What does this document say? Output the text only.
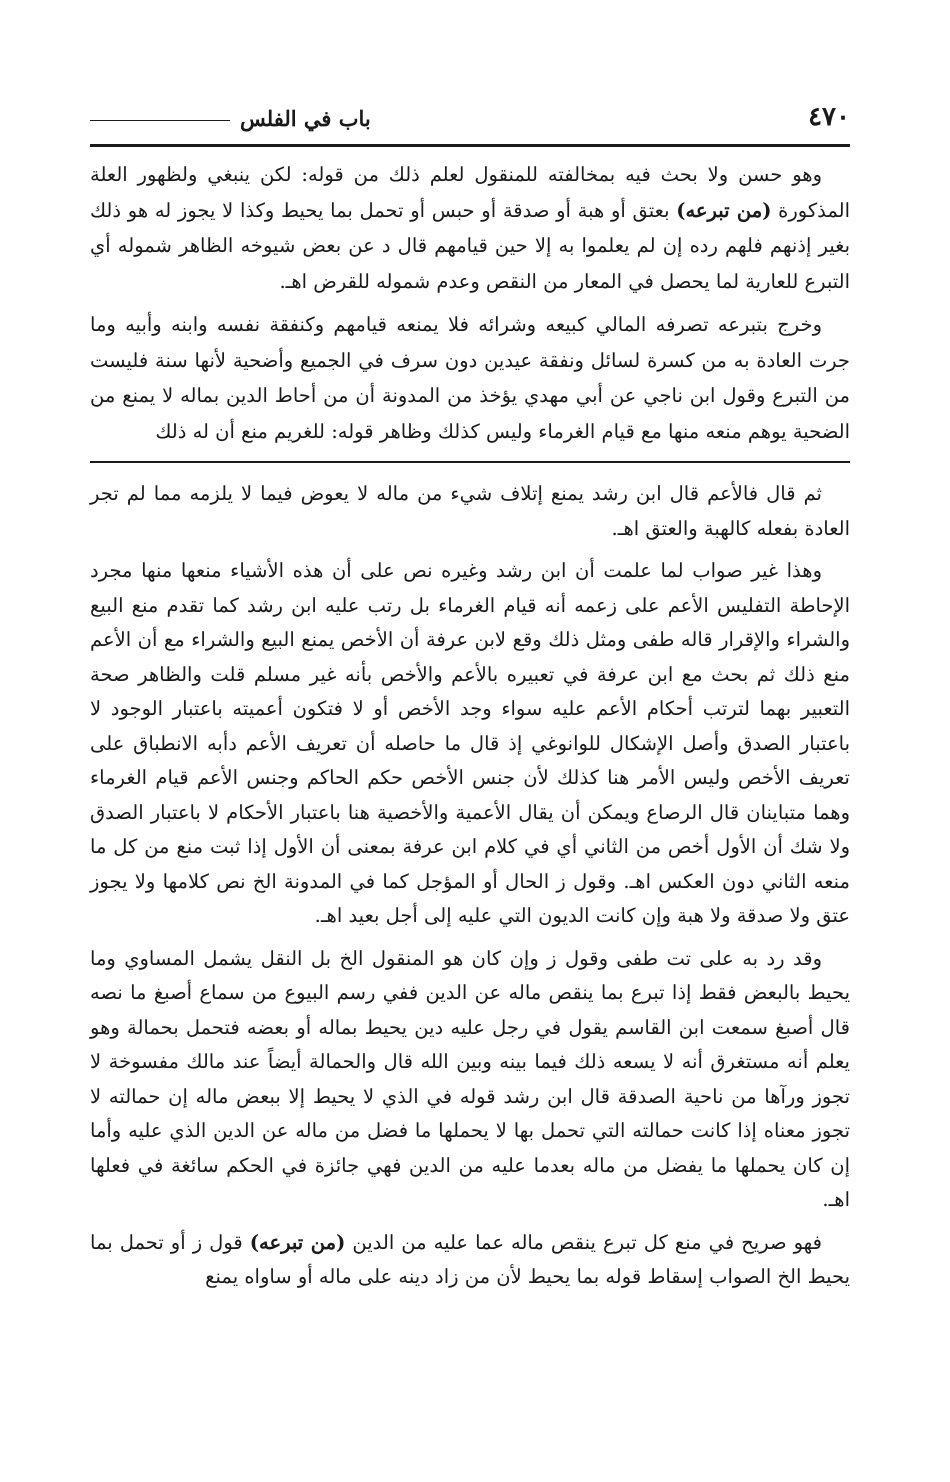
٤٧٠
باب في الفلس

وهو حسن ولا بحث فيه بمخالفته للمنقول لعلم ذلك من قوله: لكن ينبغي ولظهور العلة المذكورة (من تبرعه) بعتق أو هبة أو صدقة أو حبس أو تحمل بما يحيط وكذا لا يجوز له هو ذلك بغير إذنهم فلهم رده إن لم يعلموا به إلا حين قيامهم قال د عن بعض شيوخه الظاهر شموله أي التبرع للعارية لما يحصل في المعار من النقص وعدم شموله للقرض اهـ.

وخرج بتبرعه تصرفه المالي كبيعه وشرائه فلا يمنعه قيامهم وكنفقة نفسه وابنه وأبيه وما جرت العادة به من كسرة لسائل ونفقة عيدين دون سرف في الجميع وأضحية لأنها سنة فليست من التبرع وقول ابن ناجي عن أبي مهدي يؤخذ من المدونة أن من أحاط الدين بماله لا يمنع من الضحية يوهم منعه منها مع قيام الغرماء وليس كذلك وظاهر قوله: للغريم منع أن له ذلك

ثم قال فالأعم قال ابن رشد يمنع إتلاف شيء من ماله لا يعوض فيما لا يلزمه مما لم تجر العادة بفعله كالهبة والعتق اهـ.

وهذا غير صواب لما علمت أن ابن رشد وغيره نص على أن هذه الأشياء منعها منها مجرد الإحاطة التفليس الأعم على زعمه أنه قيام الغرماء بل رتب عليه ابن رشد كما تقدم منع البيع والشراء والإقرار قاله طفى ومثل ذلك وقع لابن عرفة أن الأخص يمنع البيع والشراء مع أن الأعم منع ذلك ثم بحث مع ابن عرفة في تعبيره بالأعم والأخص بأنه غير مسلم قلت والظاهر صحة التعبير بهما لترتب أحكام الأعم عليه سواء وجد الأخص أو لا فتكون أعميته باعتبار الوجود لا باعتبار الصدق وأصل الإشكال للوانوغي إذ قال ما حاصله أن تعريف الأعم دأبه الانطباق على تعريف الأخص وليس الأمر هنا كذلك لأن جنس الأخص حكم الحاكم وجنس الأعم قيام الغرماء وهما متباينان قال الرصاع ويمكن أن يقال الأعمية والأخصية هنا باعتبار الأحكام لا باعتبار الصدق ولا شك أن الأول أخص من الثاني أي في كلام ابن عرفة بمعنى أن الأول إذا ثبت منع من كل ما منعه الثاني دون العكس اهـ. وقول ز الحال أو المؤجل كما في المدونة الخ نص كلامها ولا يجوز عتق ولا صدقة ولا هبة وإن كانت الديون التي عليه إلى أجل بعيد اهـ.

وقد رد به على تت طفى وقول ز وإن كان هو المنقول الخ بل النقل يشمل المساوي وما يحيط بالبعض فقط إذا تبرع بما ينقص ماله عن الدين ففي رسم البيوع من سماع أصبغ ما نصه قال أصبغ سمعت ابن القاسم يقول في رجل عليه دين يحيط بماله أو بعضه فتحمل بحمالة وهو يعلم أنه مستغرق أنه لا يسعه ذلك فيما بينه وبين الله قال والحمالة أيضاً عند مالك مفسوخة لا تجوز ورآها من ناحية الصدقة قال ابن رشد قوله في الذي لا يحيط إلا ببعض ماله إن حمالته لا تجوز معناه إذا كانت حمالته التي تحمل بها لا يحملها ما فضل من ماله عن الدين الذي عليه وأما إن كان يحملها ما يفضل من ماله بعدما عليه من الدين فهي جائزة في الحكم سائغة في فعلها اهـ.

فهو صريح في منع كل تبرع ينقص ماله عما عليه من الدين (من تبرعه) قول ز أو تحمل بما يحيط الخ الصواب إسقاط قوله بما يحيط لأن من زاد دينه على ماله أو ساواه يمنع
